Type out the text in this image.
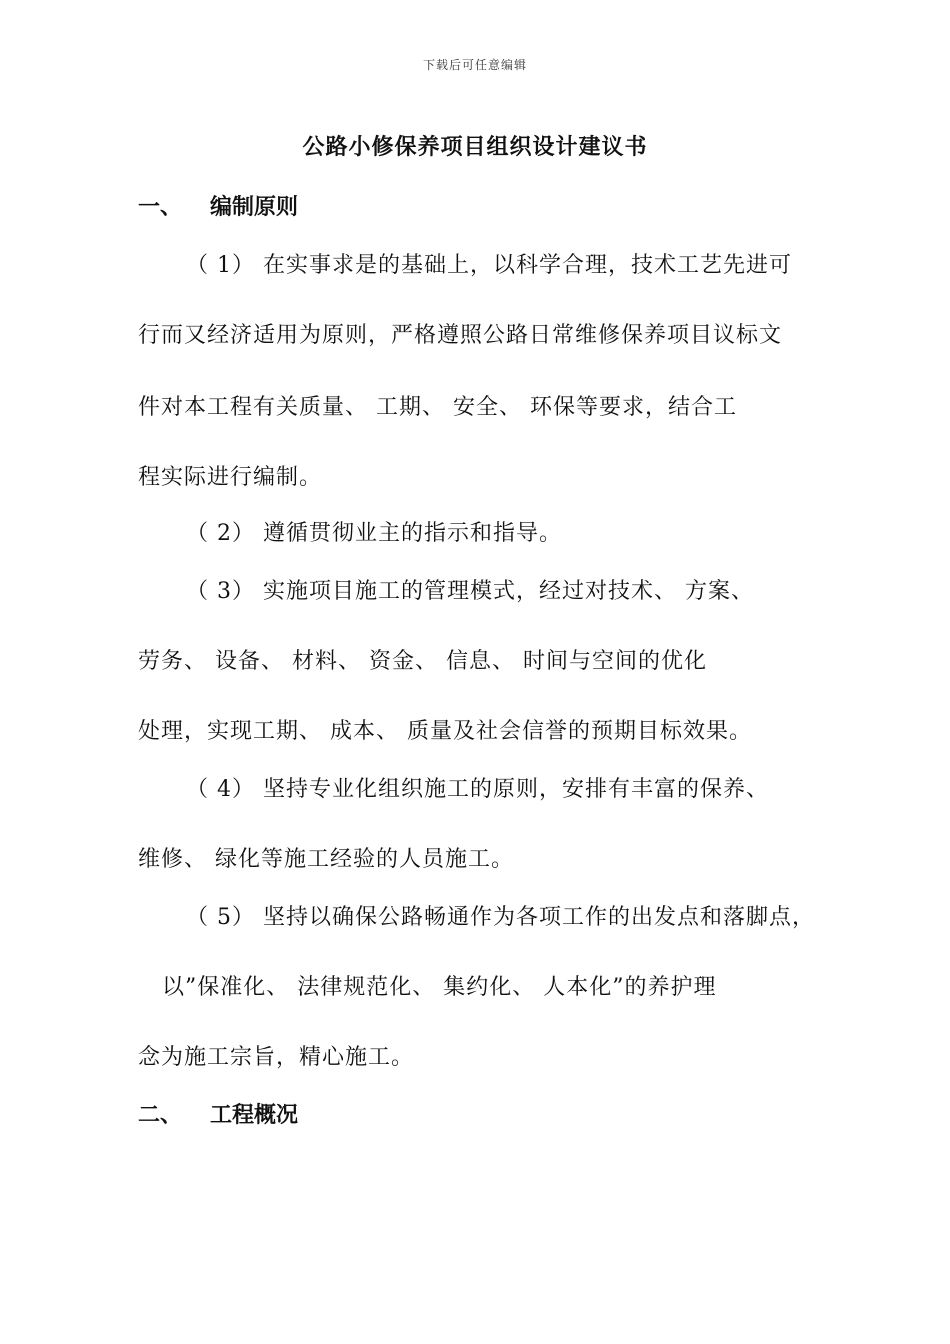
下载后可任意编辑
公路小修保养项目组织设计建议书
一、 编制原则
（ 1） 在实事求是的基础上，以科学合理，技术工艺先进可
行而又经济适用为原则，严格遵照公路日常维修保养项目议标文
件对本工程有关质量、 工期、 安全、 环保等要求，结合工
程实际进行编制。
（ 2） 遵循贯彻业主的指示和指导。
（ 3） 实施项目施工的管理模式，经过对技术、 方案、
劳务、 设备、 材料、 资金、 信息、 时间与空间的优化
处理，实现工期、 成本、 质量及社会信誉的预期目标效果。
（ 4） 坚持专业化组织施工的原则，安排有丰富的保养、
维修、 绿化等施工经验的人员施工。
（ 5） 坚持以确保公路畅通作为各项工作的出发点和落脚点，
以”保准化、 法律规范化、 集约化、 人本化”的养护理
念为施工宗旨，精心施工。
二、 工程概况
